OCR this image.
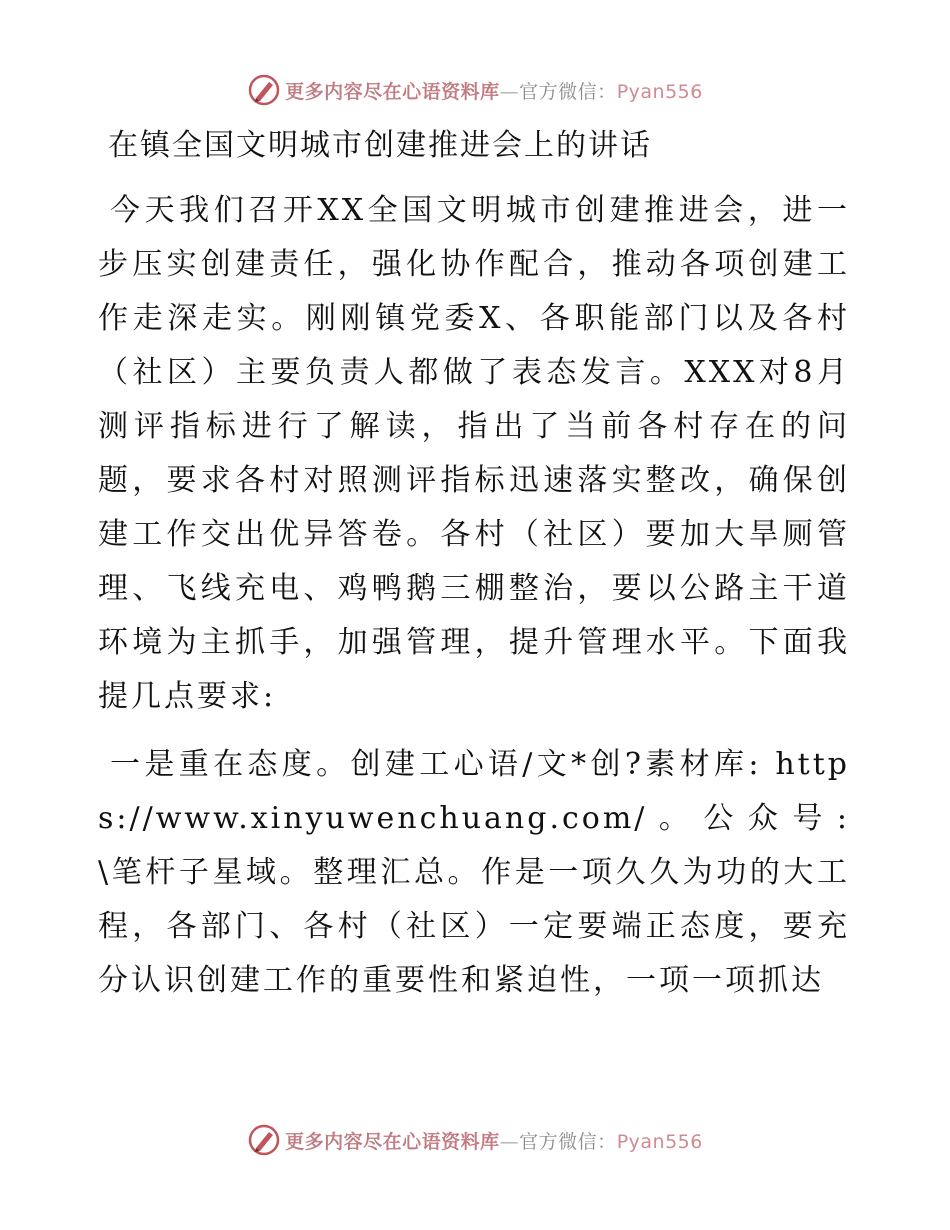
更多内容尽在心语资料库—官方微信：Pyan556
在镇全国文明城市创建推进会上的讲话

今天我们召开XX全国文明城市创建推进会，进一步压实创建责任，强化协作配合，推动各项创建工作走深走实。刚刚镇党委X、各职能部门以及各村（社区）主要负责人都做了表态发言。XXX对8月测评指标进行了解读，指出了当前各村存在的问题，要求各村对照测评指标迅速落实整改，确保创建工作交出优异答卷。各村（社区）要加大旱厕管理、飞线充电、鸡鸭鹅三棚整治，要以公路主干道环境为主抓手，加强管理，提升管理水平。下面我提几点要求:

一是重在态度。创建工心语/文*创?素材库: https://www.xinyuwenchuang.com/。公众号: \笔杆子星域。整理汇总。作是一项久久为功的大工程，各部门、各村（社区）一定要端正态度，要充分认识创建工作的重要性和紧迫性，一项一项抓达

更多内容尽在心语资料库—官方微信：Pyan556
